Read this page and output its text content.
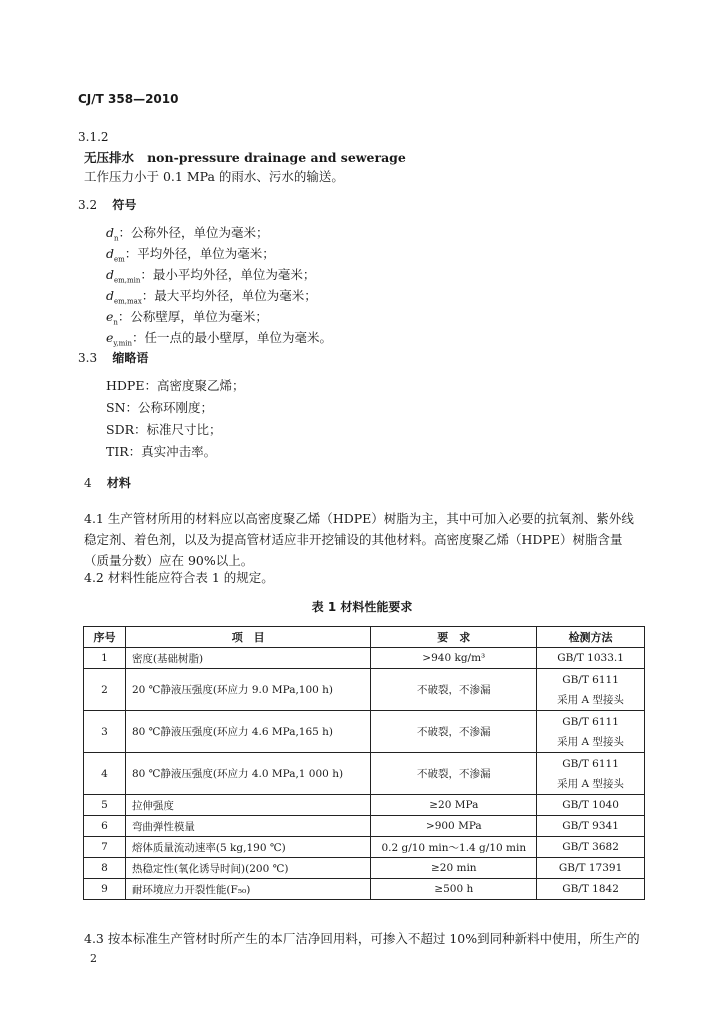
CJ/T 358—2010
3.1.2
无压排水 non-pressure drainage and sewerage
工作压力小于 0.1 MPa 的雨水、污水的输送。
3.2 符号
$d_n$：公称外径，单位为毫米；
$d_{em}$：平均外径，单位为毫米；
$d_{em,min}$：最小平均外径，单位为毫米；
$d_{em,max}$：最大平均外径，单位为毫米；
$e_n$：公称壁厚，单位为毫米；
$e_{y,min}$：任一点的最小壁厚，单位为毫米。
3.3 缩略语
HDPE：高密度聚乙烯；
SN：公称环刚度；
SDR：标准尺寸比；
TIR：真实冲击率。
4 材料
4.1 生产管材所用的材料应以高密度聚乙烯（HDPE）树脂为主，其中可加入必要的抗氧剂、紫外线稳定剂、着色剂，以及为提高管材适应非开挖铺设的其他材料。高密度聚乙烯（HDPE）树脂含量（质量分数）应在 90%以上。
4.2 材料性能应符合表 1 的规定。
表 1 材料性能要求
序号	项　目	要　求	检测方法
1	密度(基础树脂)	>940 kg/m³	GB/T 1033.1
2	20 ℃静液压强度(环应力 9.0 MPa,100 h)	不破裂，不渗漏	GB/T 6111
采用 A 型接头
3	80 ℃静液压强度(环应力 4.6 MPa,165 h)	不破裂，不渗漏	GB/T 6111
采用 A 型接头
4	80 ℃静液压强度(环应力 4.0 MPa,1 000 h)	不破裂，不渗漏	GB/T 6111
采用 A 型接头
5	拉伸强度	≥20 MPa	GB/T 1040
6	弯曲弹性模量	>900 MPa	GB/T 9341
7	熔体质量流动速率(5 kg,190 ℃)	0.2 g/10 min～1.4 g/10 min	GB/T 3682
8	热稳定性(氧化诱导时间)(200 ℃)	≥20 min	GB/T 17391
9	耐环境应力开裂性能(F₅₀)	≥500 h	GB/T 1842
4.3 按本标准生产管材时所产生的本厂洁净回用料，可掺入不超过 10%到同种新料中使用，所生产的
2
